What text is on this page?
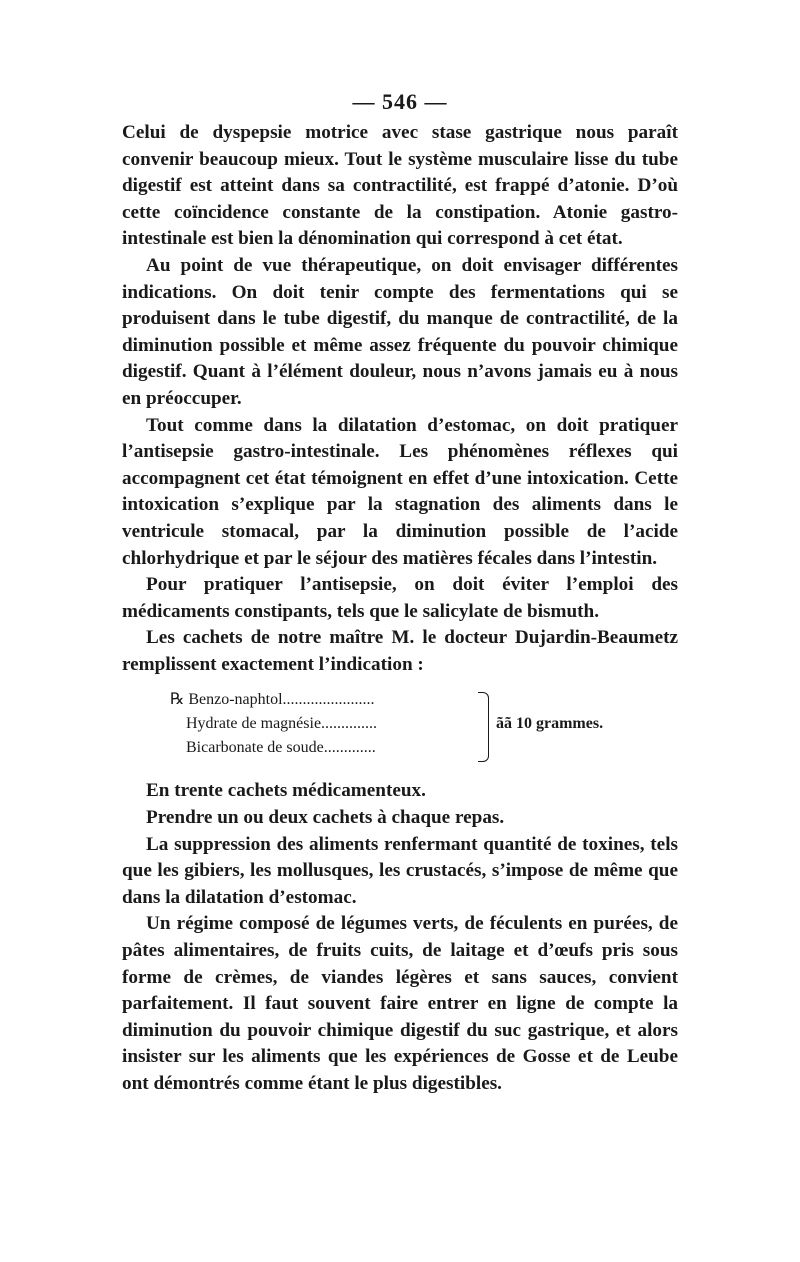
— 546 —

Celui de dyspepsie motrice avec stase gastrique nous paraît convenir beaucoup mieux. Tout le système musculaire lisse du tube digestif est atteint dans sa contractilité, est frappé d’atonie. D’où cette coïncidence constante de la constipation. Atonie gastro-intestinale est bien la dénomination qui correspond à cet état.

Au point de vue thérapeutique, on doit envisager différentes indications. On doit tenir compte des fermentations qui se produisent dans le tube digestif, du manque de contractilité, de la diminution possible et même assez fréquente du pouvoir chimique digestif. Quant à l’élément douleur, nous n’avons jamais eu à nous en préoccuper.

Tout comme dans la dilatation d’estomac, on doit pratiquer l’antisepsie gastro-intestinale. Les phénomènes réflexes qui accompagnent cet état témoignent en effet d’une intoxication. Cette intoxication s’explique par la stagnation des aliments dans le ventricule stomacal, par la diminution possible de l’acide chlorhydrique et par le séjour des matières fécales dans l’intestin.

Pour pratiquer l’antisepsie, on doit éviter l’emploi des médicaments constipants, tels que le salicylate de bismuth.

Les cachets de notre maître M. le docteur Dujardin-Beaumetz remplissent exactement l’indication :

℞ Benzo-naphtol.......................
Hydrate de magnésie..............
Bicarbonate de soude.............
ãã 10 grammes.

En trente cachets médicamenteux.

Prendre un ou deux cachets à chaque repas.

La suppression des aliments renfermant quantité de toxines, tels que les gibiers, les mollusques, les crustacés, s’impose de même que dans la dilatation d’estomac.

Un régime composé de légumes verts, de féculents en purées, de pâtes alimentaires, de fruits cuits, de laitage et d’œufs pris sous forme de crèmes, de viandes légères et sans sauces, convient parfaitement. Il faut souvent faire entrer en ligne de compte la diminution du pouvoir chimique digestif du suc gastrique, et alors insister sur les aliments que les expériences de Gosse et de Leube ont démontrés comme étant le plus digestibles.
